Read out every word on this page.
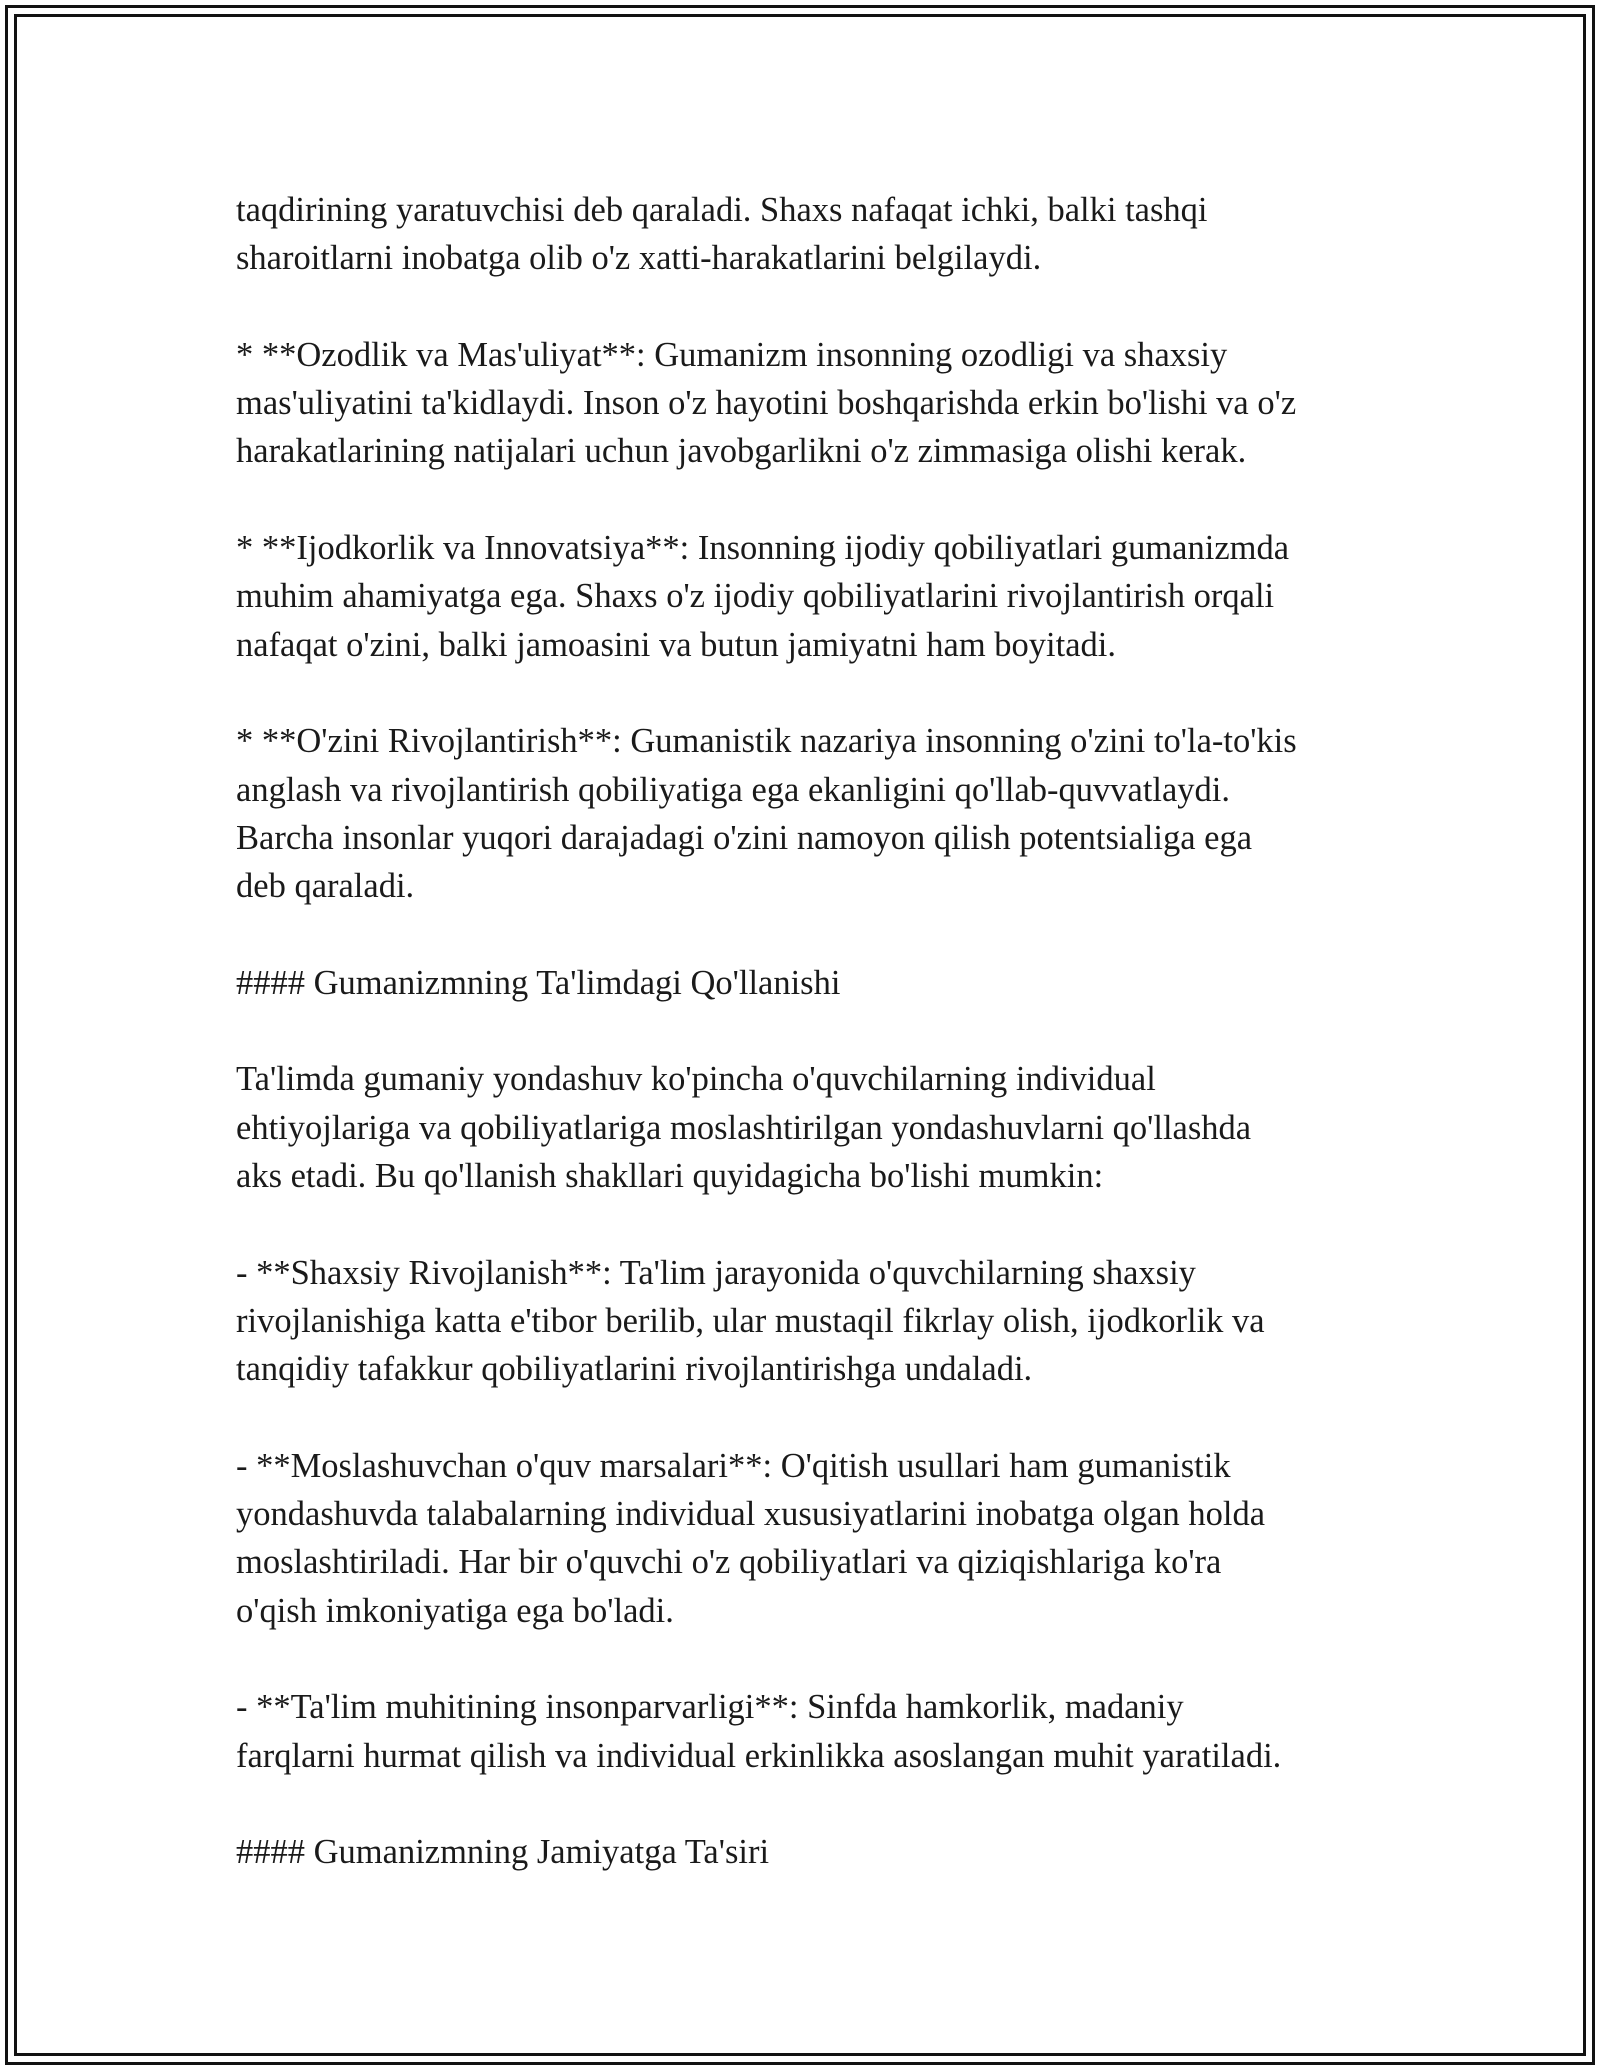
taqdirining yaratuvchisi deb qaraladi. Shaxs nafaqat ichki, balki tashqi
sharoitlarni inobatga olib o'z xatti-harakatlarini belgilaydi.

* **Ozodlik va Mas'uliyat**: Gumanizm insonning ozodligi va shaxsiy
mas'uliyatini ta'kidlaydi. Inson o'z hayotini boshqarishda erkin bo'lishi va o'z
harakatlarining natijalari uchun javobgarlikni o'z zimmasiga olishi kerak.

* **Ijodkorlik va Innovatsiya**: Insonning ijodiy qobiliyatlari gumanizmda
muhim ahamiyatga ega. Shaxs o'z ijodiy qobiliyatlarini rivojlantirish orqali
nafaqat o'zini, balki jamoasini va butun jamiyatni ham boyitadi.

* **O'zini Rivojlantirish**: Gumanistik nazariya insonning o'zini to'la-to'kis
anglash va rivojlantirish qobiliyatiga ega ekanligini qo'llab-quvvatlaydi.
Barcha insonlar yuqori darajadagi o'zini namoyon qilish potentsialiga ega
deb qaraladi.

#### Gumanizmning Ta'limdagi Qo'llanishi

Ta'limda gumaniy yondashuv ko'pincha o'quvchilarning individual
ehtiyojlariga va qobiliyatlariga moslashtirilgan yondashuvlarni qo'llashda
aks etadi. Bu qo'llanish shakllari quyidagicha bo'lishi mumkin:

- **Shaxsiy Rivojlanish**: Ta'lim jarayonida o'quvchilarning shaxsiy
rivojlanishiga katta e'tibor berilib, ular mustaqil fikrlay olish, ijodkorlik va
tanqidiy tafakkur qobiliyatlarini rivojlantirishga undaladi.

- **Moslashuvchan o'quv marsalari**: O'qitish usullari ham gumanistik
yondashuvda talabalarning individual xususiyatlarini inobatga olgan holda
moslashtiriladi. Har bir o'quvchi o'z qobiliyatlari va qiziqishlariga ko'ra
o'qish imkoniyatiga ega bo'ladi.

- **Ta'lim muhitining insonparvarligi**: Sinfda hamkorlik, madaniy
farqlarni hurmat qilish va individual erkinlikka asoslangan muhit yaratiladi.

#### Gumanizmning Jamiyatga Ta'siri
